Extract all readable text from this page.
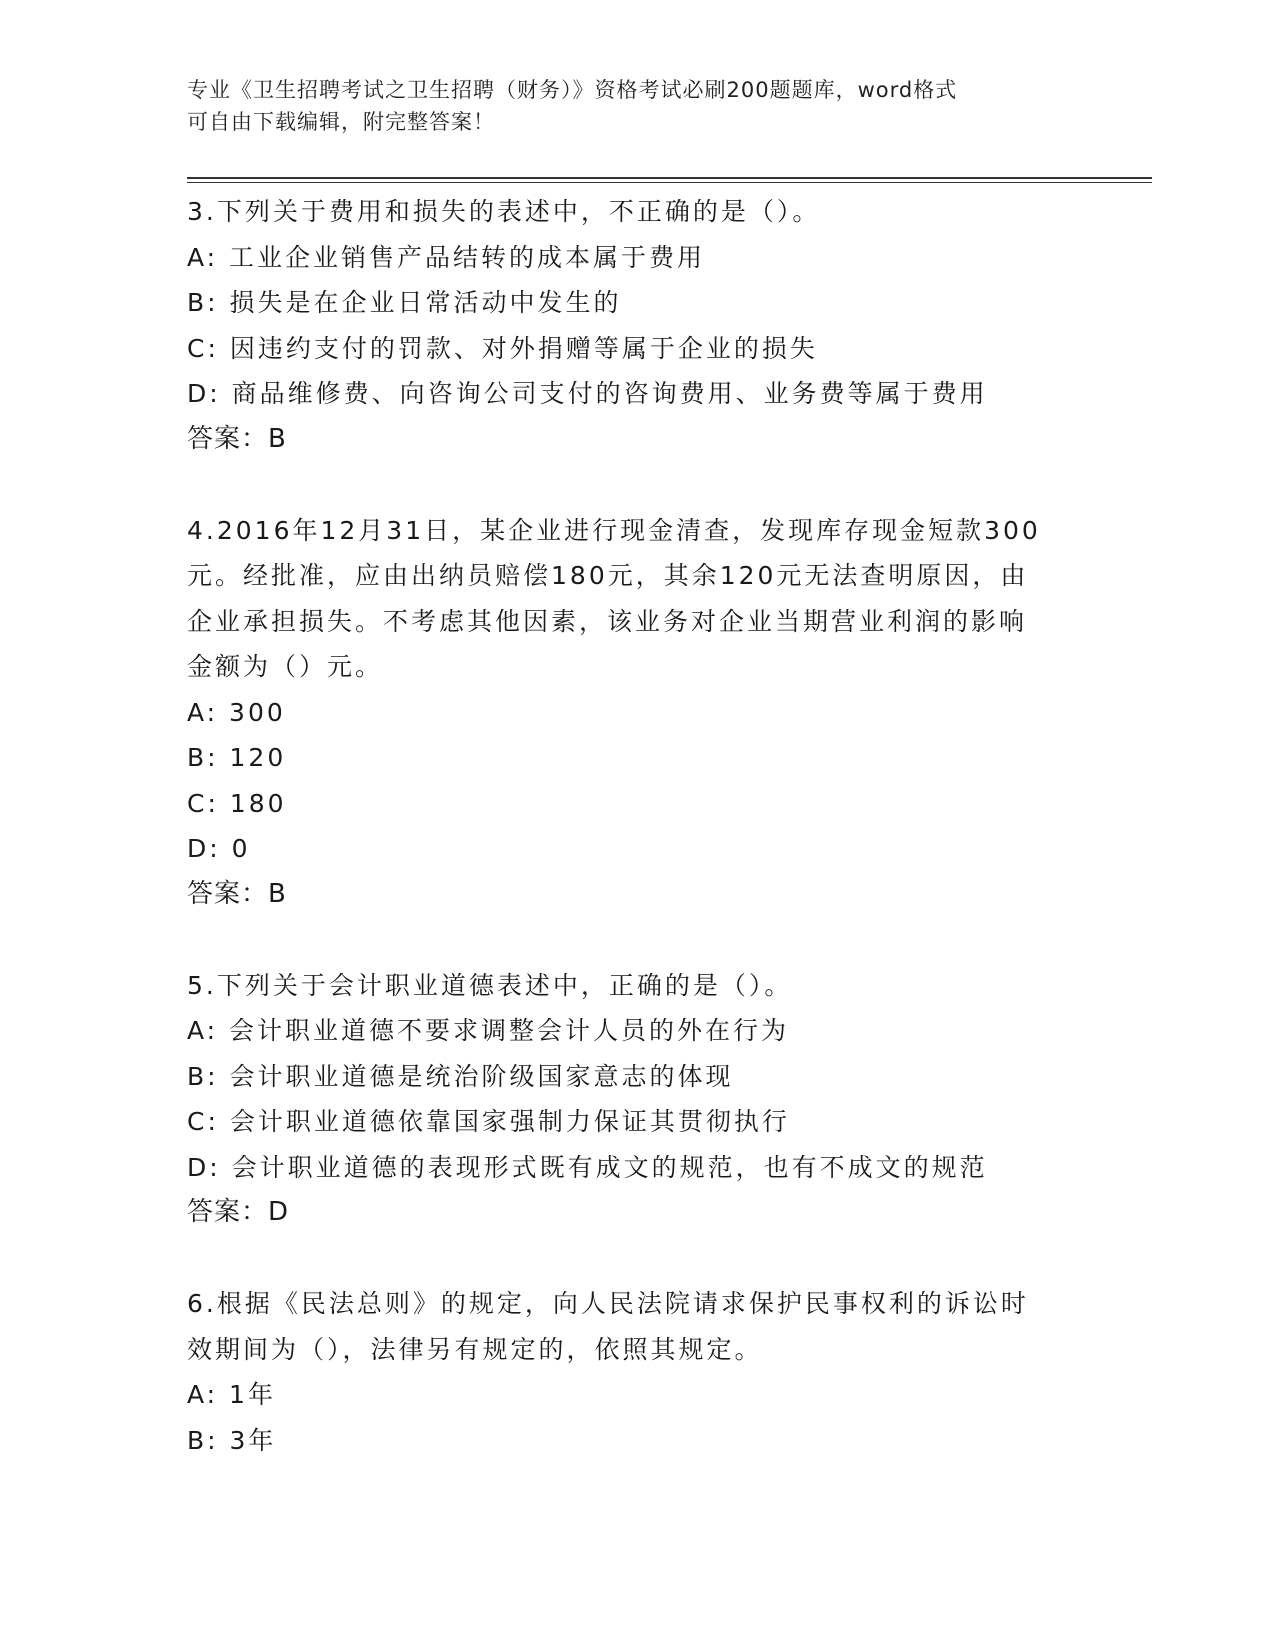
专业《卫生招聘考试之卫生招聘（财务）》资格考试必刷200题题库，word格式
可自由下载编辑，附完整答案！
3.下列关于费用和损失的表述中，不正确的是（）。
A: 工业企业销售产品结转的成本属于费用
B: 损失是在企业日常活动中发生的
C: 因违约支付的罚款、对外捐赠等属于企业的损失
D: 商品维修费、向咨询公司支付的咨询费用、业务费等属于费用
答案：B
4.2016年12月31日，某企业进行现金清查，发现库存现金短款300
元。经批准，应由出纳员赔偿180元，其余120元无法查明原因，由
企业承担损失。不考虑其他因素，该业务对企业当期营业利润的影响
金额为（）元。
A: 300
B: 120
C: 180
D: 0
答案：B
5.下列关于会计职业道德表述中，正确的是（）。
A: 会计职业道德不要求调整会计人员的外在行为
B: 会计职业道德是统治阶级国家意志的体现
C: 会计职业道德依靠国家强制力保证其贯彻执行
D: 会计职业道德的表现形式既有成文的规范，也有不成文的规范
答案：D
6.根据《民法总则》的规定，向人民法院请求保护民事权利的诉讼时
效期间为（），法律另有规定的，依照其规定。
A: 1年
B: 3年
